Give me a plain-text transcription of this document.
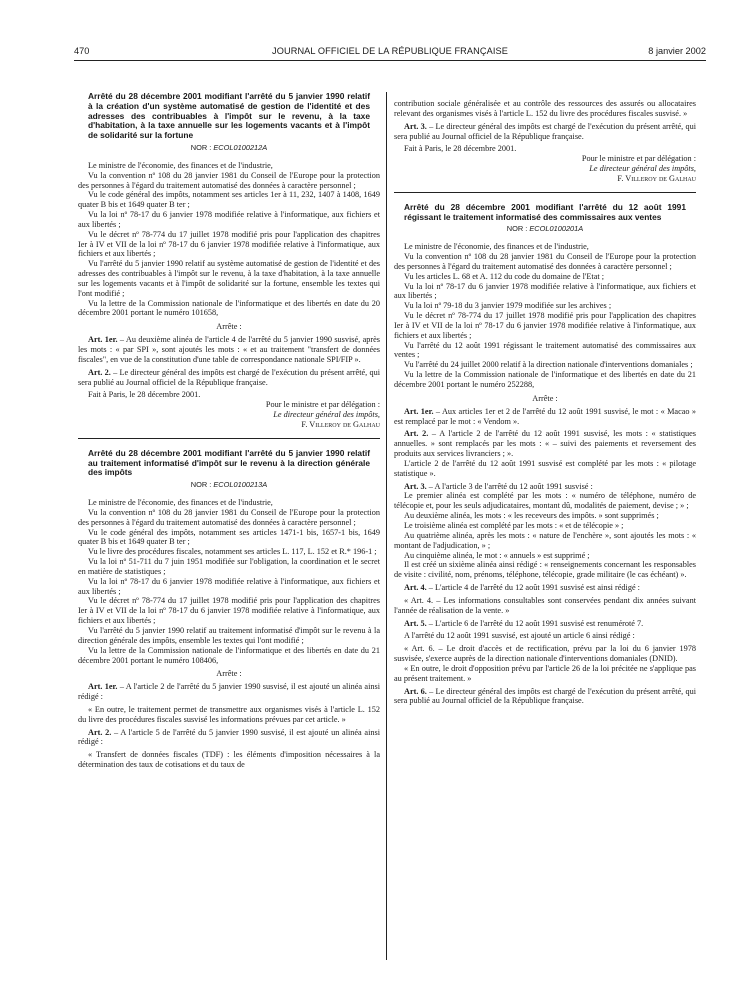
470	JOURNAL OFFICIEL DE LA RÉPUBLIQUE FRANÇAISE	8 janvier 2002
Arrêté du 28 décembre 2001 modifiant l'arrêté du 5 janvier 1990 relatif à la création d'un système automatisé de gestion de l'identité et des adresses des contribuables à l'impôt sur le revenu, à la taxe d'habitation, à la taxe annuelle sur les logements vacants et à l'impôt de solidarité sur la fortune
NOR : ECOL0100212A

Le ministre de l'économie, des finances et de l'industrie,

Vu la convention nº 108 du 28 janvier 1981 du Conseil de l'Europe pour la protection des personnes à l'égard du traitement automatisé des données à caractère personnel ;

Vu le code général des impôts, notamment ses articles 1er à 11, 232, 1407 à 1408, 1649 quater B bis et 1649 quater B ter ;

Vu la loi nº 78-17 du 6 janvier 1978 modifiée relative à l'informatique, aux fichiers et aux libertés ;

Vu le décret nº 78-774 du 17 juillet 1978 modifié pris pour l'application des chapitres Ier à IV et VII de la loi nº 78-17 du 6 janvier 1978 modifiée relative à l'informatique, aux fichiers et aux libertés ;

Vu l'arrêté du 5 janvier 1990 relatif au système automatisé de gestion de l'identité et des adresses des contribuables à l'impôt sur le revenu, à la taxe d'habitation, à la taxe annuelle sur les logements vacants et à l'impôt de solidarité sur la fortune, ensemble les textes qui l'ont modifié ;

Vu la lettre de la Commission nationale de l'informatique et des libertés en date du 20 décembre 2001 portant le numéro 101658,

Arrête :

Art. 1er. – Au deuxième alinéa de l'article 4 de l'arrêté du 5 janvier 1990 susvisé, après les mots : « par SPI », sont ajoutés les mots : « et au traitement "transfert de données fiscales", en vue de la constitution d'une table de correspondance nationale SPI/FIP ».

Art. 2. – Le directeur général des impôts est chargé de l'exécution du présent arrêté, qui sera publié au Journal officiel de la République française.

Fait à Paris, le 28 décembre 2001.

Pour le ministre et par délégation :
Le directeur général des impôts,
F. Villeroy de Galhau
Arrêté du 28 décembre 2001 modifiant l'arrêté du 5 janvier 1990 relatif au traitement informatisé d'impôt sur le revenu à la direction générale des impôts
NOR : ECOL0100213A

Le ministre de l'économie, des finances et de l'industrie,

Vu la convention nº 108 du 28 janvier 1981 du Conseil de l'Europe pour la protection des personnes à l'égard du traitement automatisé des données à caractère personnel ;

Vu le code général des impôts, notamment ses articles 1471-1 bis, 1657-1 bis, 1649 quater B bis et 1649 quater B ter ;

Vu le livre des procédures fiscales, notamment ses articles L. 117, L. 152 et R.* 196-1 ;

Vu la loi nº 51-711 du 7 juin 1951 modifiée sur l'obligation, la coordination et le secret en matière de statistiques ;

Vu la loi nº 78-17 du 6 janvier 1978 modifiée relative à l'informatique, aux fichiers et aux libertés ;

Vu le décret nº 78-774 du 17 juillet 1978 modifié pris pour l'application des chapitres Ier à IV et VII de la loi nº 78-17 du 6 janvier 1978 modifiée relative à l'informatique, aux fichiers et aux libertés ;

Vu l'arrêté du 5 janvier 1990 relatif au traitement informatisé d'impôt sur le revenu à la direction générale des impôts, ensemble les textes qui l'ont modifié ;

Vu la lettre de la Commission nationale de l'informatique et des libertés en date du 21 décembre 2001 portant le numéro 108406,

Arrête :

Art. 1er. – A l'article 2 de l'arrêté du 5 janvier 1990 susvisé, il est ajouté un alinéa ainsi rédigé :

« En outre, le traitement permet de transmettre aux organismes visés à l'article L. 152 du livre des procédures fiscales susvisé les informations prévues par cet article. »

Art. 2. – A l'article 5 de l'arrêté du 5 janvier 1990 susvisé, il est ajouté un alinéa ainsi rédigé :

« Transfert de données fiscales (TDF) : les éléments d'imposition nécessaires à la détermination des taux de cotisations et du taux de

contribution sociale généralisée et au contrôle des ressources des assurés ou allocataires relevant des organismes visés à l'article L. 152 du livre des procédures fiscales susvisé. »

Art. 3. – Le directeur général des impôts est chargé de l'exécution du présent arrêté, qui sera publié au Journal officiel de la République française.

Fait à Paris, le 28 décembre 2001.

Pour le ministre et par délégation :
Le directeur général des impôts,
F. Villeroy de Galhau
Arrêté du 28 décembre 2001 modifiant l'arrêté du 12 août 1991 régissant le traitement informatisé des commissaires aux ventes
NOR : ECOL0100201A

Le ministre de l'économie, des finances et de l'industrie,

Vu la convention nº 108 du 28 janvier 1981 du Conseil de l'Europe pour la protection des personnes à l'égard du traitement automatisé des données à caractère personnel ;

Vu les articles L. 68 et A. 112 du code du domaine de l'Etat ;

Vu la loi nº 78-17 du 6 janvier 1978 modifiée relative à l'informatique, aux fichiers et aux libertés ;

Vu la loi nº 79-18 du 3 janvier 1979 modifiée sur les archives ;

Vu le décret nº 78-774 du 17 juillet 1978 modifié pris pour l'application des chapitres Ier à IV et VII de la loi nº 78-17 du 6 janvier 1978 modifiée relative à l'informatique, aux fichiers et aux libertés ;

Vu l'arrêté du 12 août 1991 régissant le traitement automatisé des commissaires aux ventes ;

Vu l'arrêté du 24 juillet 2000 relatif à la direction nationale d'interventions domaniales ;

Vu la lettre de la Commission nationale de l'informatique et des libertés en date du 21 décembre 2001 portant le numéro 252288,

Arrête :

Art. 1er. – Aux articles 1er et 2 de l'arrêté du 12 août 1991 susvisé, le mot : « Macao » est remplacé par le mot : « Vendom ».

Art. 2. – A l'article 2 de l'arrêté du 12 août 1991 susvisé, les mots : « statistiques annuelles. » sont remplacés par les mots : « – suivi des paiements et reversement des produits aux services livranciers ; ».

L'article 2 de l'arrêté du 12 août 1991 susvisé est complété par les mots : « pilotage statistique ».

Art. 3. – A l'article 3 de l'arrêté du 12 août 1991 susvisé :

Le premier alinéa est complété par les mots : « numéro de téléphone, numéro de télécopie et, pour les seuls adjudicataires, montant dû, modalités de paiement, devise ; » ;

Au deuxième alinéa, les mots : « les receveurs des impôts. » sont supprimés ;

Le troisième alinéa est complété par les mots : « et de télécopie » ;

Au quatrième alinéa, après les mots : « nature de l'enchère », sont ajoutés les mots : « montant de l'adjudication, » ;

Au cinquième alinéa, le mot : « annuels » est supprimé ;

Il est créé un sixième alinéa ainsi rédigé : « renseignements concernant les responsables de visite : civilité, nom, prénoms, téléphone, télécopie, grade militaire (le cas échéant) ».

Art. 4. – L'article 4 de l'arrêté du 12 août 1991 susvisé est ainsi rédigé :

« Art. 4. – Les informations consultables sont conservées pendant dix années suivant l'année de réalisation de la vente. »

Art. 5. – L'article 6 de l'arrêté du 12 août 1991 susvisé est renuméroté 7.

A l'arrêté du 12 août 1991 susvisé, est ajouté un article 6 ainsi rédigé :

« Art. 6. – Le droit d'accès et de rectification, prévu par la loi du 6 janvier 1978 susvisée, s'exerce auprès de la direction nationale d'interventions domaniales (DNID).

« En outre, le droit d'opposition prévu par l'article 26 de la loi précitée ne s'applique pas au présent traitement. »

Art. 6. – Le directeur général des impôts est chargé de l'exécution du présent arrêté, qui sera publié au Journal officiel de la République française.
